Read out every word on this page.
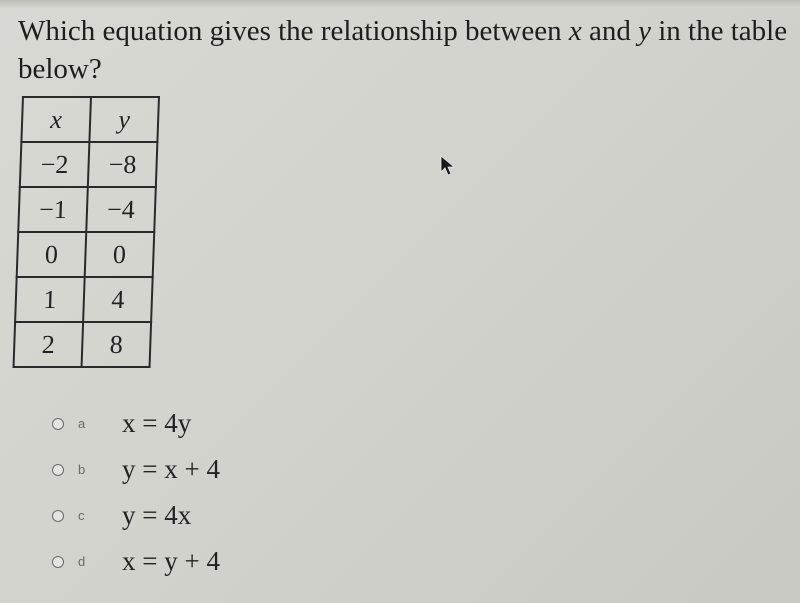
Which equation gives the relationship between x and y in the table below?
x	y
−2	−8
−1	−4
0	0
1	4
2	8
a x = 4y
b y = x + 4
c y = 4x
d x = y + 4
